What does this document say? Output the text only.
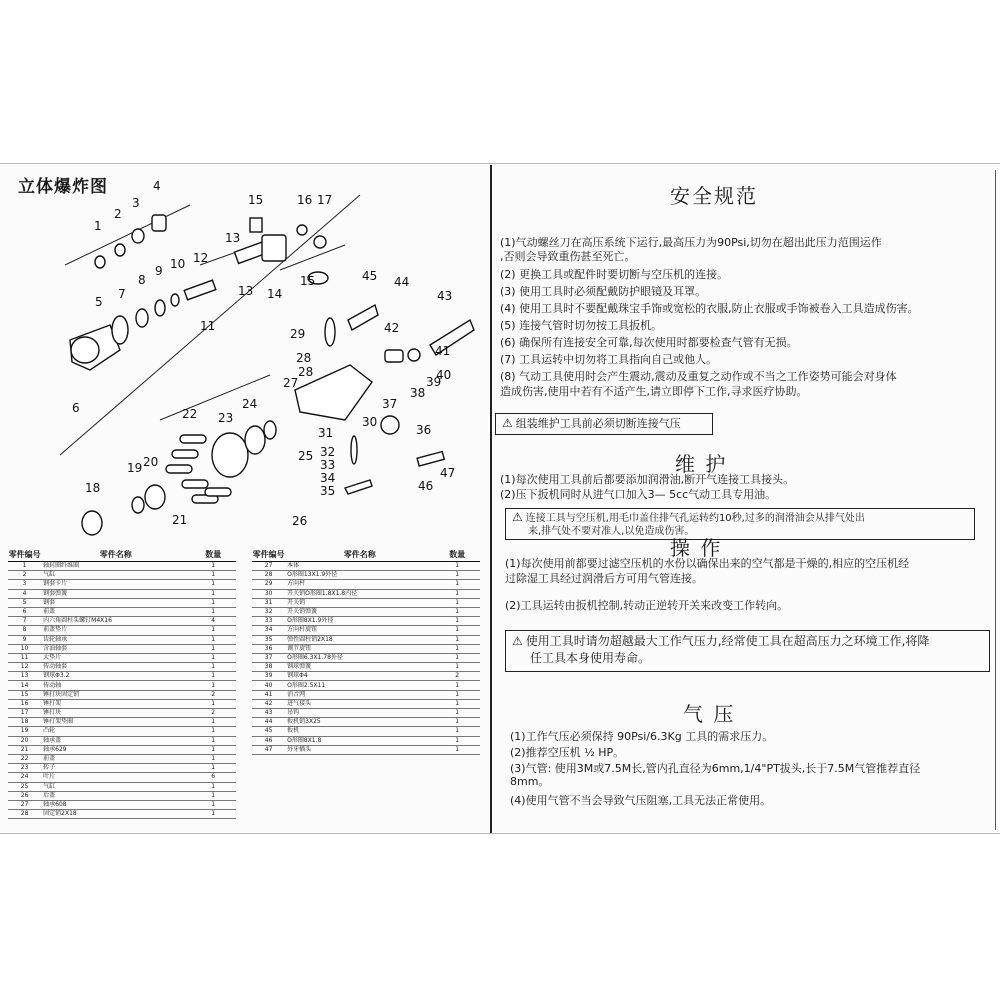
立体爆炸图
1
2
3
4
5
6
7
8
9 10
11
12
13
13 14
15
15
16 17
18
19 20
21
22 23
24
25
26
27
28
28
29
30
31
32
33
34
35
36
37
38
39
40
41
42
43
44
45
46
47
零件编号	零件名称	数量
1	轴封圈纤维圈	1
2	气缸	1
3	钢套卡片	1
4	钢套弹簧	1
5	钢套	1
6	前盖	1
7	内六角圆柱头螺钉M4X16	4
8	前盖垫片	1
9	齿轮轴承	1
10	含油轴套	1
11	大垫片	1
12	传动轴套	1
13	钢球Φ3.2	1
14	传动轴	1
15	锤打块固定销	2
16	锤打架	1
17	锤打块	2
18	锤打架垫圈	1
19	凸轮	1
20	轴承盖	1
21	轴承629	1
22	前盖	1
23	转子	1
24	叶片	6
25	气缸	1
26	后盖	1
27	轴承608	1
28	固定销2X18	1
零件编号	零件名称	数量
27	本体	1
28	O形圈13X1.9外径	1
29	方向杆	1
30	开关销O形圈1.8X1.8内径	1
31	开关销	1
32	开关销弹簧	1
33	O形圈8X1.9外径	1
34	方向杆旋钮	1
35	弹性圆柱销2X18	1
36	调节旋钮	1
37	O形圈6.3X1.78外径	1
38	钢球弹簧	1
39	钢球Φ4	2
40	O形圈2.5X11	1
41	消音网	1
42	进气接头	1
43	吊钩	1
44	扳机销3X25	1
45	扳机	1
46	O形圈8X1.8	1
47	外牙插头	1
安全规范
(1)气动螺丝刀在高压系统下运行,最高压力为90Psi,切勿在超出此压力范围运作
,否则会导致重伤甚至死亡。
(2) 更换工具或配件时要切断与空压机的连接。
(3) 使用工具时必须配戴防护眼镜及耳罩。
(4) 使用工具时不要配戴珠宝手饰或宽松的衣服,防止衣服或手饰被卷入工具造成伤害。
(5) 连接气管时切勿按工具扳机。
(6) 确保所有连接安全可靠,每次使用时都要检查气管有无损。
(7) 工具运转中切勿将工具指向自己或他人。
(8) 气动工具使用时会产生震动,震动及重复之动作或不当之工作姿势可能会对身体
造成伤害,使用中若有不适产生,请立即停下工作,寻求医疗协助。
⚠ 组装维护工具前必须切断连接气压
维 护
(1)每次使用工具前后都要添加润滑油,断开气连接工具接头。
(2)压下扳机同时从进气口加入3— 5cc气动工具专用油。
⚠ 连接工具与空压机,用毛巾盖住排气孔运转约10秒,过多的润滑油会从排气处出
来,排气处不要对准人,以免造成伤害。
操 作
(1)每次使用前都要过滤空压机的水份以确保出来的空气都是干燥的,相应的空压机经
过除湿工具经过润滑后方可用气管连接。
(2)工具运转由扳机控制,转动正逆转开关来改变工作转向。
⚠ 使用工具时请勿超越最大工作气压力,经常使工具在超高压力之环境工作,将降
任工具本身使用寿命。
气 压
(1)工作气压必须保持 90Psi/6.3Kg 工具的需求压力。
(2)推荐空压机 ½ HP。
(3)气管: 使用3M或7.5M长,管内孔直径为6mm,1/4"PT拔头,长于7.5M气管推荐直径
8mm。
(4)使用气管不当会导致气压阻塞,工具无法正常使用。
